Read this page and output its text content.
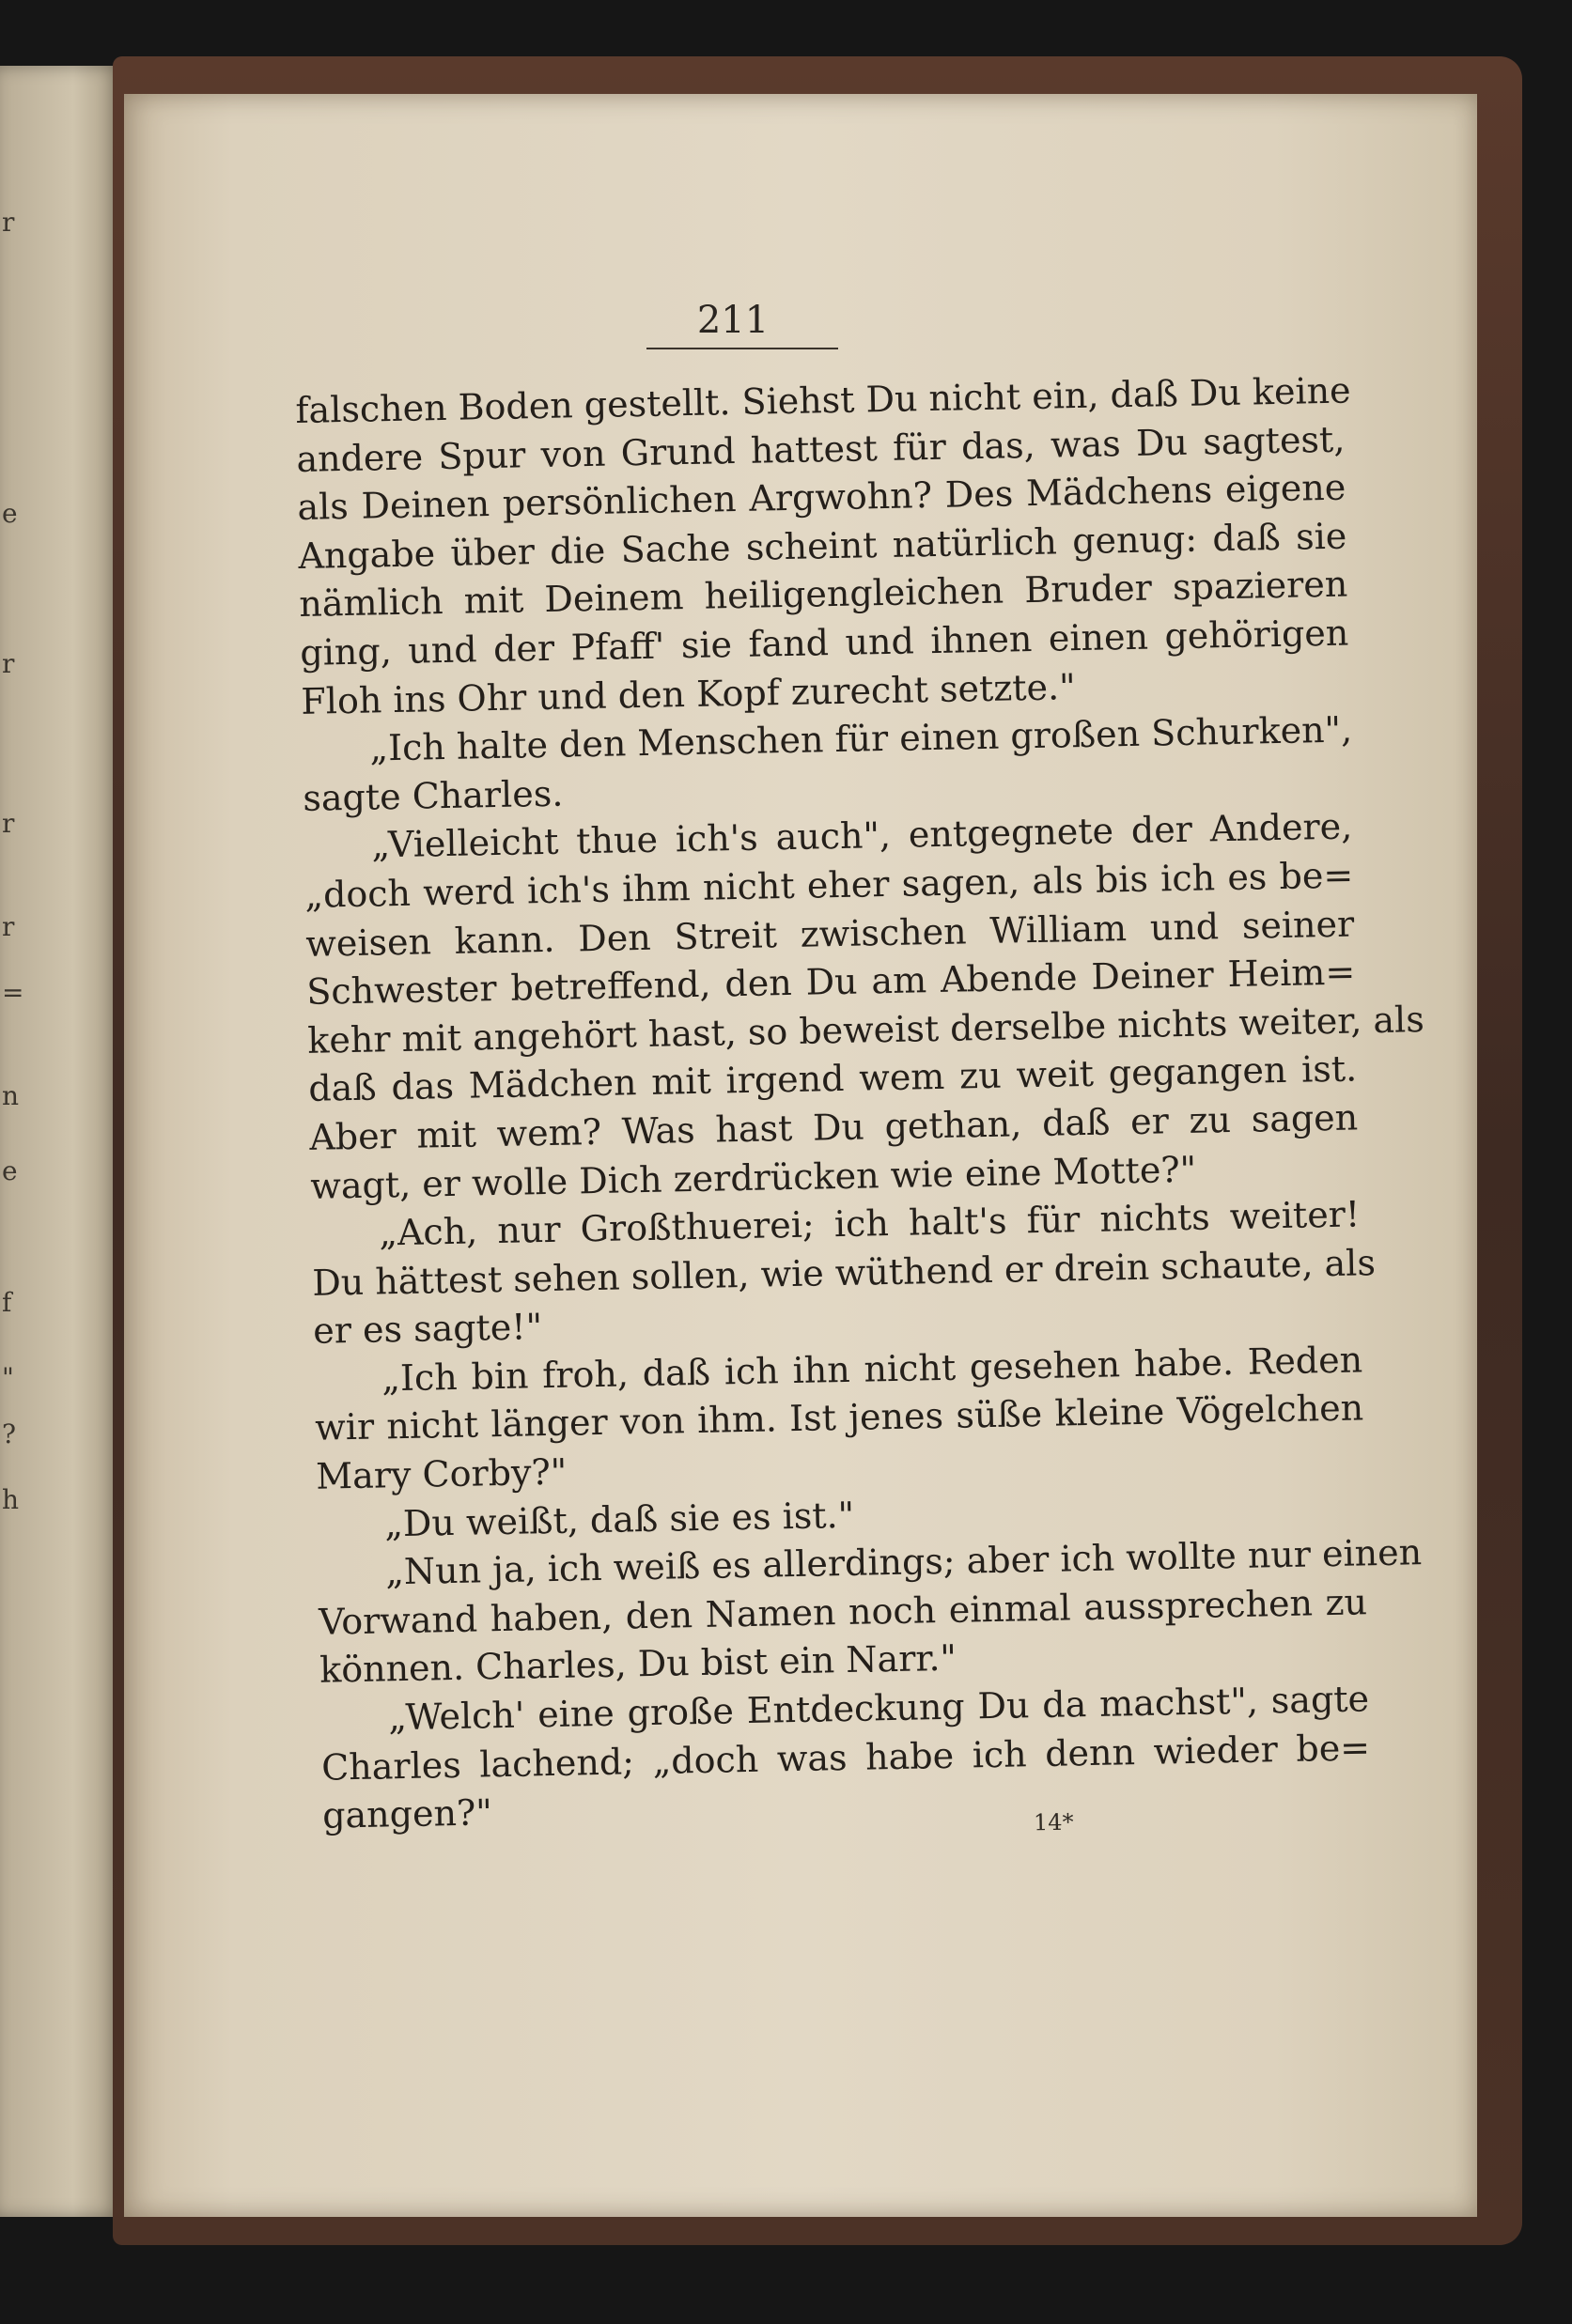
r
e
r
r
r
=
n
e
f
"
?
h
211
falschen Boden gestellt. Siehst Du nicht ein, daß Du keine
andere Spur von Grund hattest für das, was Du sagtest,
als Deinen persönlichen Argwohn? Des Mädchens eigene
Angabe über die Sache scheint natürlich genug: daß sie
nämlich mit Deinem heiligengleichen Bruder spazieren
ging, und der Pfaff' sie fand und ihnen einen gehörigen
Floh ins Ohr und den Kopf zurecht setzte."
„Ich halte den Menschen für einen großen Schurken",
sagte Charles.
„Vielleicht thue ich's auch", entgegnete der Andere,
„doch werd ich's ihm nicht eher sagen, als bis ich es be=
weisen kann. Den Streit zwischen William und seiner
Schwester betreffend, den Du am Abende Deiner Heim=
kehr mit angehört hast, so beweist derselbe nichts weiter, als
daß das Mädchen mit irgend wem zu weit gegangen ist.
Aber mit wem? Was hast Du gethan, daß er zu sagen
wagt, er wolle Dich zerdrücken wie eine Motte?"
„Ach, nur Großthuerei; ich halt's für nichts weiter!
Du hättest sehen sollen, wie wüthend er drein schaute, als
er es sagte!"
„Ich bin froh, daß ich ihn nicht gesehen habe. Reden
wir nicht länger von ihm. Ist jenes süße kleine Vögelchen
Mary Corby?"
„Du weißt, daß sie es ist."
„Nun ja, ich weiß es allerdings; aber ich wollte nur einen
Vorwand haben, den Namen noch einmal aussprechen zu
können. Charles, Du bist ein Narr."
„Welch' eine große Entdeckung Du da machst", sagte
Charles lachend; „doch was habe ich denn wieder be=
gangen?"	14*
